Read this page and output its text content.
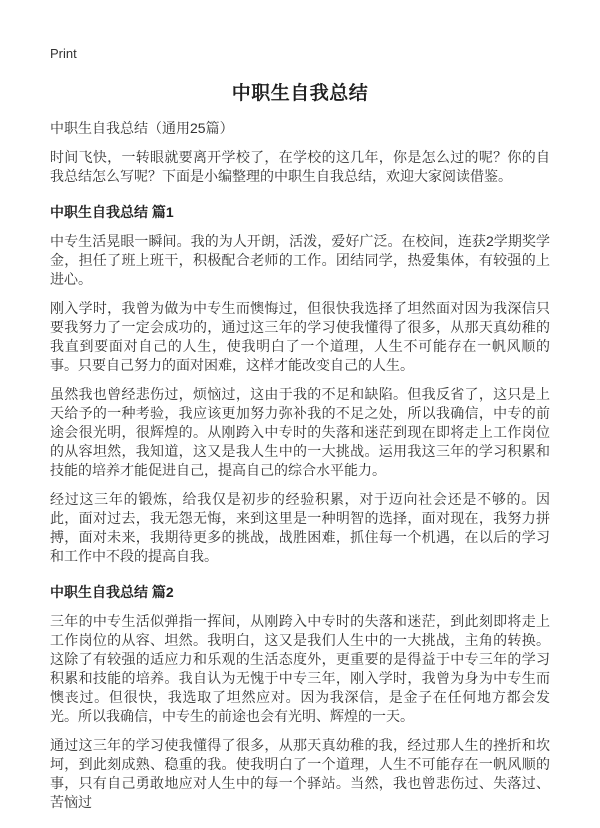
Print
中职生自我总结

中职生自我总结（通用25篇）

时间飞快，一转眼就要离开学校了，在学校的这几年，你是怎么过的呢？你的自我总结怎么写呢？下面是小编整理的中职生自我总结，欢迎大家阅读借鉴。

中职生自我总结 篇1

中专生活晃眼一瞬间。我的为人开朗，活泼，爱好广泛。在校间，连获2学期奖学金，担任了班上班干，积极配合老师的工作。团结同学，热爱集体，有较强的上进心。

刚入学时，我曾为做为中专生而懊悔过，但很快我选择了坦然面对因为我深信只要我努力了一定会成功的，通过这三年的学习使我懂得了很多，从那天真幼稚的我直到要面对自己的人生，使我明白了一个道理，人生不可能存在一帆风顺的事。只要自己努力的面对困难，这样才能改变自己的人生。

虽然我也曾经悲伤过，烦恼过，这由于我的不足和缺陷。但我反省了，这只是上天给予的一种考验，我应该更加努力弥补我的不足之处，所以我确信，中专的前途会很光明，很辉煌的。从刚跨入中专时的失落和迷茫到现在即将走上工作岗位的从容坦然，我知道，这又是我人生中的一大挑战。运用我这三年的学习积累和技能的培养才能促进自己，提高自己的综合水平能力。

经过这三年的锻炼，给我仅是初步的经验积累，对于迈向社会还是不够的。因此，面对过去，我无怨无悔，来到这里是一种明智的选择，面对现在，我努力拼搏，面对未来，我期待更多的挑战，战胜困难，抓住每一个机遇，在以后的学习和工作中不段的提高自我。

中职生自我总结 篇2

三年的中专生活似弹指一挥间，从刚跨入中专时的失落和迷茫，到此刻即将走上工作岗位的从容、坦然。我明白，这又是我们人生中的一大挑战，主角的转换。这除了有较强的适应力和乐观的生活态度外，更重要的是得益于中专三年的学习积累和技能的培养。我自认为无愧于中专三年，刚入学时，我曾为身为中专生而懊丧过。但很快，我选取了坦然应对。因为我深信，是金子在任何地方都会发光。所以我确信，中专生的前途也会有光明、辉煌的一天。

通过这三年的学习使我懂得了很多，从那天真幼稚的我，经过那人生的挫折和坎坷，到此刻成熟、稳重的我。使我明白了一个道理，人生不可能存在一帆风顺的事，只有自己勇敢地应对人生中的每一个驿站。当然，我也曾悲伤过、失落过、苦恼过
